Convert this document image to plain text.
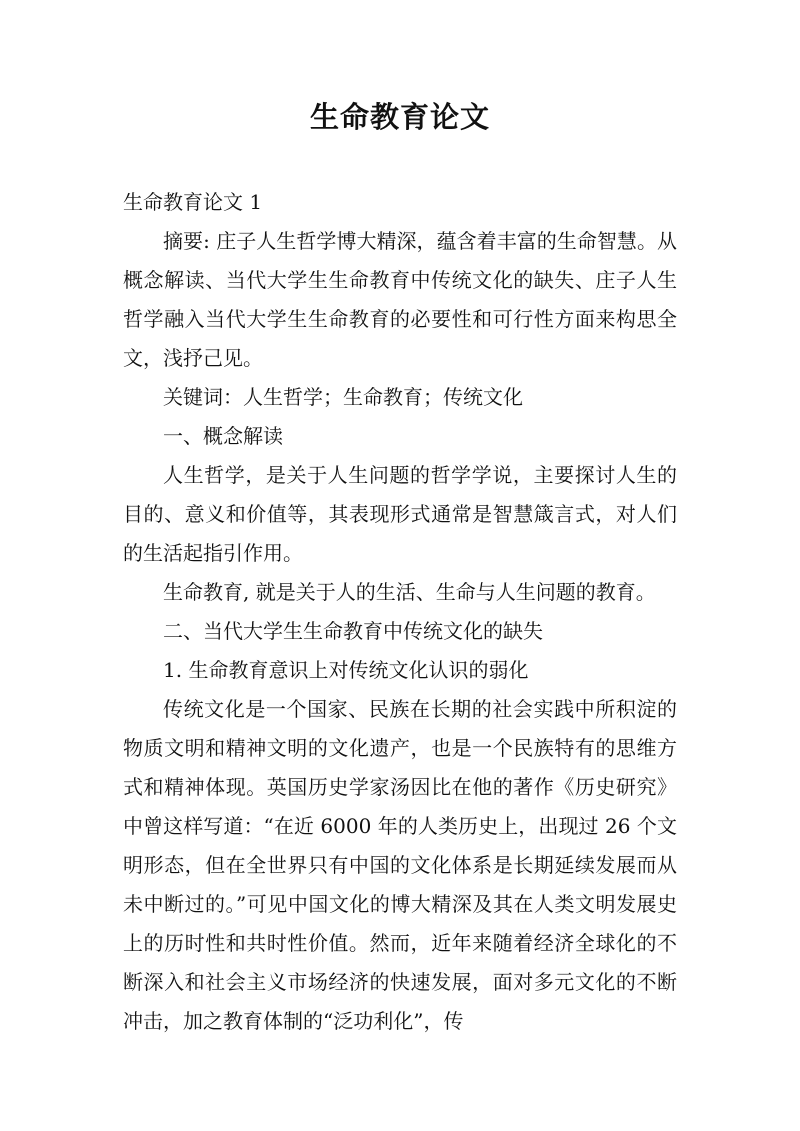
生命教育论文

生命教育论文 1

摘要: 庄子人生哲学博大精深，蕴含着丰富的生命智慧。从概念解读、当代大学生生命教育中传统文化的缺失、庄子人生哲学融入当代大学生生命教育的必要性和可行性方面来构思全文，浅抒己见。

关键词：人生哲学；生命教育；传统文化

一、概念解读

人生哲学，是关于人生问题的哲学学说，主要探讨人生的目的、意义和价值等，其表现形式通常是智慧箴言式，对人们的生活起指引作用。

生命教育, 就是关于人的生活、生命与人生问题的教育。

二、当代大学生生命教育中传统文化的缺失

1. 生命教育意识上对传统文化认识的弱化

传统文化是一个国家、民族在长期的社会实践中所积淀的物质文明和精神文明的文化遗产，也是一个民族特有的思维方式和精神体现。英国历史学家汤因比在他的著作《历史研究》中曾这样写道：“在近 6000 年的人类历史上，出现过 26 个文明形态，但在全世界只有中国的文化体系是长期延续发展而从未中断过的。”可见中国文化的博大精深及其在人类文明发展史上的历时性和共时性价值。然而，近年来随着经济全球化的不断深入和社会主义市场经济的快速发展，面对多元文化的不断冲击，加之教育体制的“泛功利化”，传
